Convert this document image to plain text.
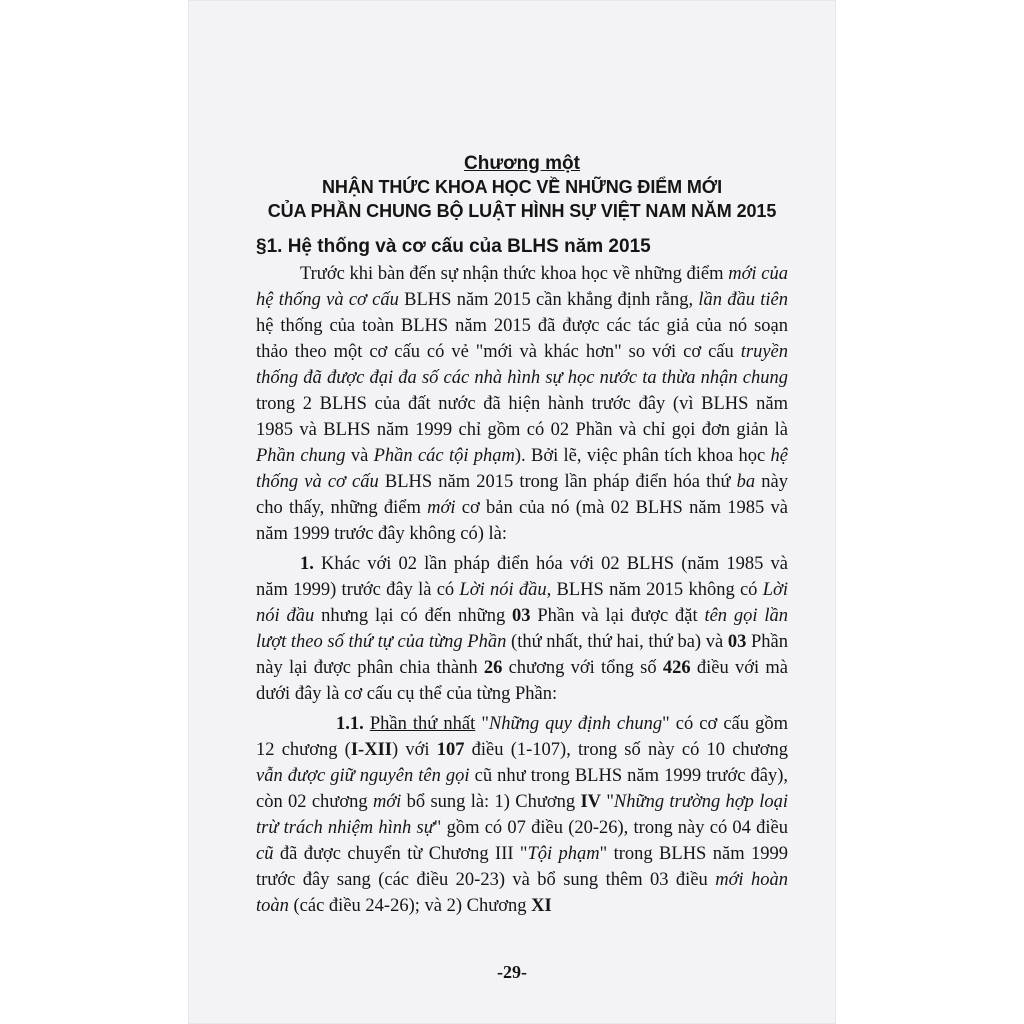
Chương một
NHẬN THỨC KHOA HỌC VỀ NHỮNG ĐIỂM MỚI
CỦA PHẦN CHUNG BỘ LUẬT HÌNH SỰ VIỆT NAM NĂM 2015
§1. Hệ thống và cơ cấu của BLHS năm 2015

Trước khi bàn đến sự nhận thức khoa học về những điểm mới của hệ thống và cơ cấu BLHS năm 2015 cần khẳng định rằng, lần đầu tiên hệ thống của toàn BLHS năm 2015 đã được các tác giả của nó soạn thảo theo một cơ cấu có vẻ "mới và khác hơn" so với cơ cấu truyền thống đã được đại đa số các nhà hình sự học nước ta thừa nhận chung trong 2 BLHS của đất nước đã hiện hành trước đây (vì BLHS năm 1985 và BLHS năm 1999 chỉ gồm có 02 Phần và chỉ gọi đơn giản là Phần chung và Phần các tội phạm). Bởi lẽ, việc phân tích khoa học hệ thống và cơ cấu BLHS năm 2015 trong lần pháp điển hóa thứ ba này cho thấy, những điểm mới cơ bản của nó (mà 02 BLHS năm 1985 và năm 1999 trước đây không có) là:

1. Khác với 02 lần pháp điển hóa với 02 BLHS (năm 1985 và năm 1999) trước đây là có Lời nói đầu, BLHS năm 2015 không có Lời nói đầu nhưng lại có đến những 03 Phần và lại được đặt tên gọi lần lượt theo số thứ tự của từng Phần (thứ nhất, thứ hai, thứ ba) và 03 Phần này lại được phân chia thành 26 chương với tổng số 426 điều với mà dưới đây là cơ cấu cụ thể của từng Phần:

1.1. Phần thứ nhất "Những quy định chung" có cơ cấu gồm 12 chương (I-XII) với 107 điều (1-107), trong số này có 10 chương vẫn được giữ nguyên tên gọi cũ như trong BLHS năm 1999 trước đây), còn 02 chương mới bổ sung là: 1) Chương IV "Những trường hợp loại trừ trách nhiệm hình sự" gồm có 07 điều (20-26), trong này có 04 điều cũ đã được chuyển từ Chương III "Tội phạm" trong BLHS năm 1999 trước đây sang (các điều 20-23) và bổ sung thêm 03 điều mới hoàn toàn (các điều 24-26); và 2) Chương XI

-29-
